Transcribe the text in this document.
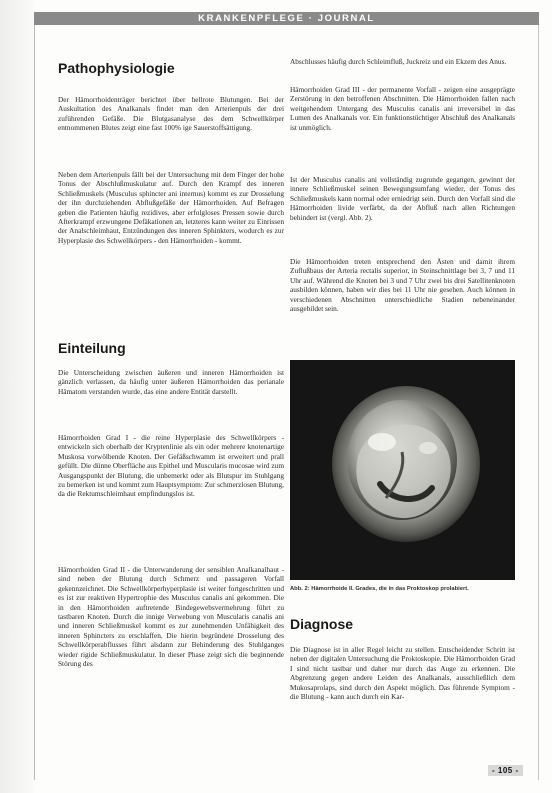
KRANKENPFLEGE · JOURNAL
Pathophysiologie

Der Hämorrhoidenträger berichtet über hellrote Blutungen. Bei der Auskultation des Analkanals findet man den Arterienpuls der drei zuführenden Gefäße. Die Blutgasanalyse des dem Schwellkörper entnommenen Blutes zeigt eine fast 100% ige Sauerstoffsättigung.

Neben dem Arterienpuls fällt bei der Untersuchung mit dem Finger der hohe Tonus der Abschlußmuskulatur auf. Durch den Krampf des inneren Schließmuskels (Musculus sphincter ani internus) kommt es zur Drosselung der ihn durchziehenden Abflußgefäße der Hämorrhoiden. Auf Befragen geben die Patienten häufig rezidives, aber erfolgloses Pressen sowie durch Afterkrampf erzwungene Defäkationen an, letzteres kann weiter zu Einrissen der Analschleimhaut, Entzündungen des inneren Sphinkters, wodurch es zur Hyperplasie des Schwellkörpers - den Hämorrhoiden - kommt.

Einteilung

Die Unterscheidung zwischen äußeren und inneren Hämorrhoiden ist gänzlich verlassen, da häufig unter äußeren Hämorrhoiden das perianale Hämatom verstanden wurde, das eine andere Entität darstellt.

Hämorrhoiden Grad I - die reine Hyperplasie des Schwellkörpers - entwickeln sich oberhalb der Kryptenlinie als ein oder mehrere knotenartige Muskosa vorwölbende Knoten. Der Gefäßschwamm ist erweitert und prall gefüllt. Die dünne Oberfläche aus Epithel und Muscularis mucosae wird zum Ausgangspunkt der Blutung, die unbemerkt oder als Blutspur im Stuhlgang zu bemerken ist und kommt zum Hauptsymptom: Zur schmerzlosen Blutung, da die Rektumschleimhaut empfindungslos ist.

Hämorrhoiden Grad II - die Unterwanderung der sensiblen Analkanalhaut - sind neben der Blutung durch Schmerz und passageren Vorfall gekennzeichnet. Die Schwellkörperhyperplasie ist weiter fortgeschritten und es ist zur reaktiven Hypertrophie des Musculus canalis ani gekommen. Die in den Hämorrhoiden auftretende Bindegewebsvermehrung führt zu tastbaren Knoten. Durch die innige Verwebung von Muscularis canalis ani und inneren Schließmuskel kommt es zur zunehmenden Unfähigkeit des inneren Sphincters zu erschlaffen. Die hierin begründete Drosselung des Schwellkörperabflusses führt alsdann zur Behinderung des Stuhlganges wieder rigide Schließmuskulatur. In dieser Phase zeigt sich die beginnende Störung des

Abschlusses häufig durch Schleimfluß, Juckreiz und ein Ekzem des Anus.

Hämorrhoiden Grad III - der permanente Vorfall - zeigen eine ausgeprägte Zerstörung in den betroffenen Abschnitten. Die Hämorrhoiden fallen nach weitgehendem Untergang des Musculus canalis ani irreversibel in das Lumen des Analkanals vor. Ein funktionstüchtiger Abschluß des Analkanals ist unmöglich.

Ist der Musculus canalis ani vollständig zugrunde gegangen, gewinnt der innere Schließmuskel seinen Bewegungsumfang wieder, der Tonus des Schließmuskels kann normal oder erniedrigt sein. Durch den Vorfall sind die Hämorrhoiden livide verfärbt, da der Abfluß nach allen Richtungen behindert ist (vergl. Abb. 2).

Die Hämorrhoiden treten entsprechend den Ästen und damit ihrem Zuflußbaus der Arteria rectalis superior, in Steinschnittlage bei 3, 7 und 11 Uhr auf. Während die Knoten bei 3 und 7 Uhr zwei bis drei Satellitenknoten ausbilden können, haben wir dies bei 11 Uhr nie gesehen. Auch können in verschiedenen Abschnitten unterschiedliche Stadien nebeneinander ausgebildet sein.

Abb. 2: Hämorrhoide II. Grades, die in das Proktoskop prolabiert.
Diagnose

Die Diagnose ist in aller Regel leicht zu stellen. Entscheidender Schritt ist neben der digitalen Untersuchung die Proktoskopie. Die Hämorrhoiden Grad I sind nicht tastbar und daher nur durch das Auge zu erkennen. Die Abgrenzung gegen andere Leiden des Analkanals, ausschließlich dem Mukosaprolaps, sind durch den Aspekt möglich. Das führende Symptom - die Blutung - kann auch durch ein Kar-

- 105 -
